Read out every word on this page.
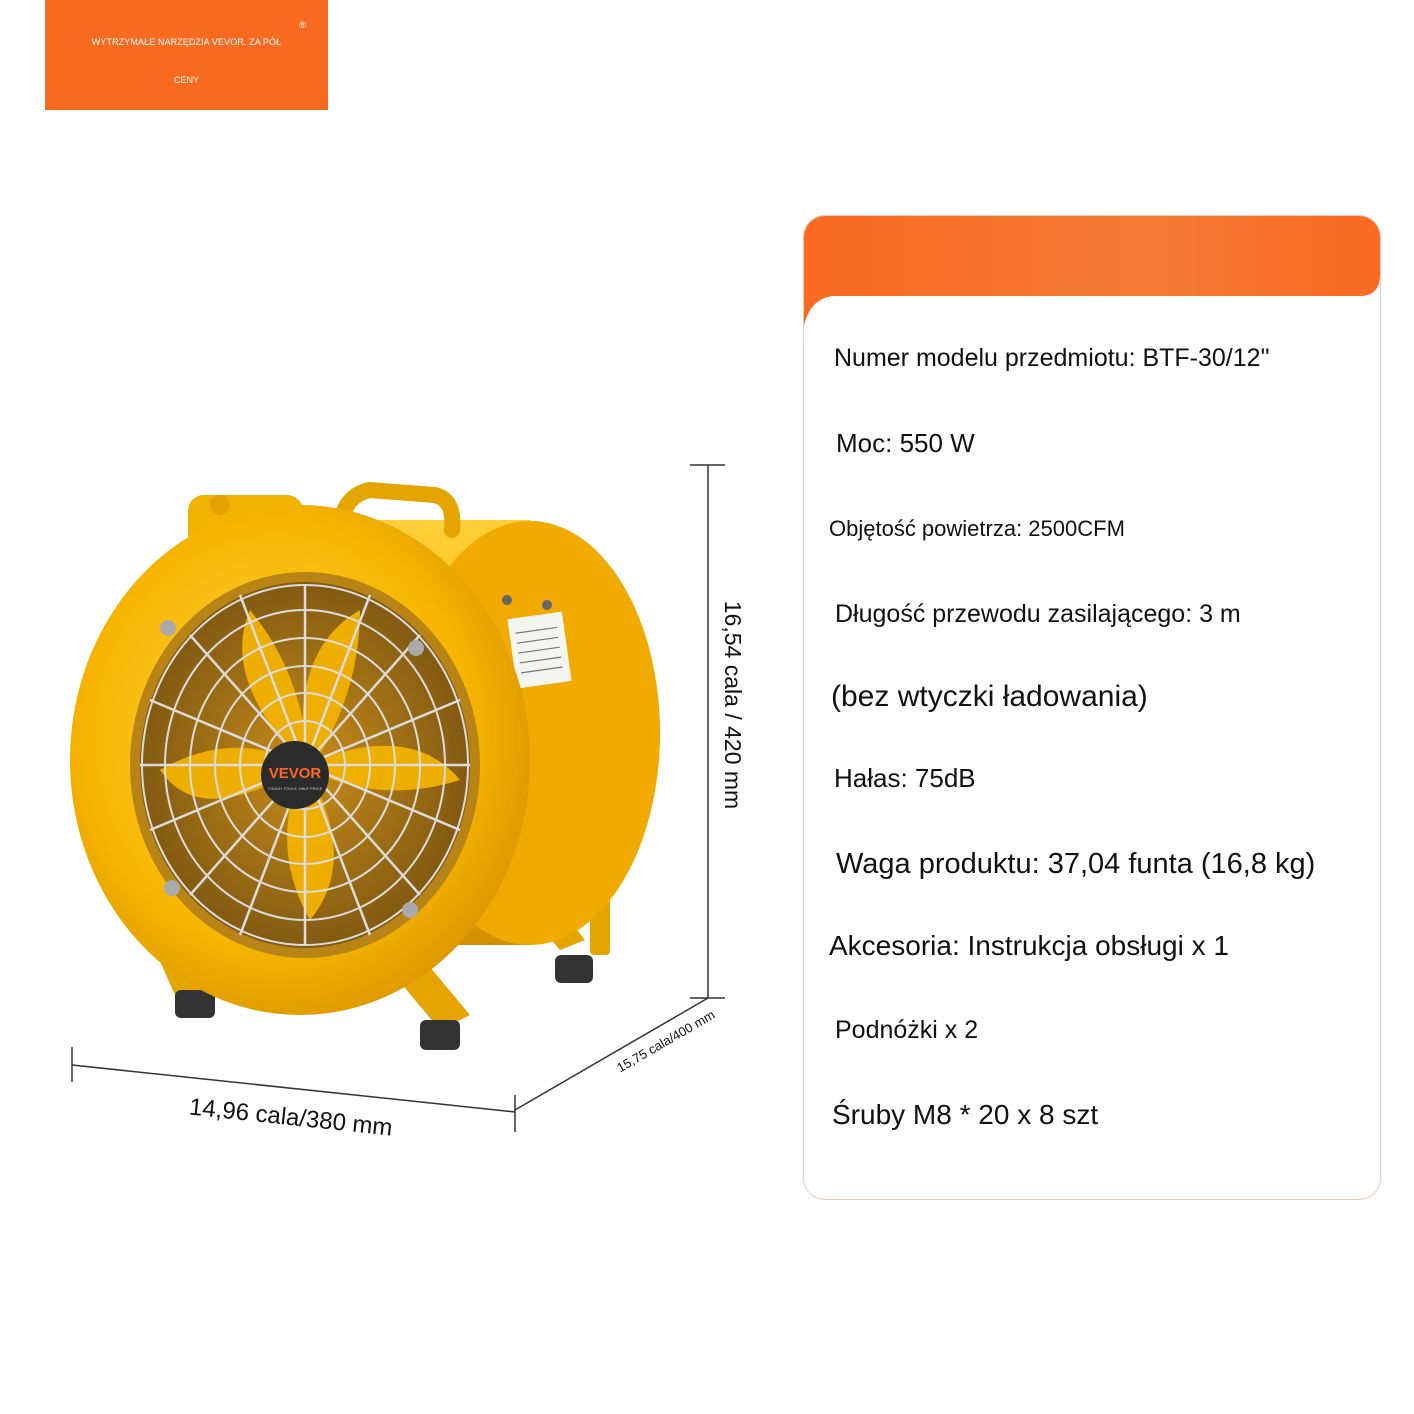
WYTRZYMAŁE NARZĘDZIA VEVOR. ZA PÓŁ
CENY
®
VEVOR
TOUGH TOOLS, HALF PRICE	16,54 cala / 420 mm
14,96 cala/380 mm
15,75 cala/400 mm
Numer modelu przedmiotu: BTF-30/12"
Moc: 550 W
Objętość powietrza: 2500CFM
Długość przewodu zasilającego: 3 m
(bez wtyczki ładowania)
Hałas: 75dB
Waga produktu: 37,04 funta (16,8 kg)
Akcesoria: Instrukcja obsługi x 1
Podnóżki x 2
Śruby M8 * 20 x 8 szt
